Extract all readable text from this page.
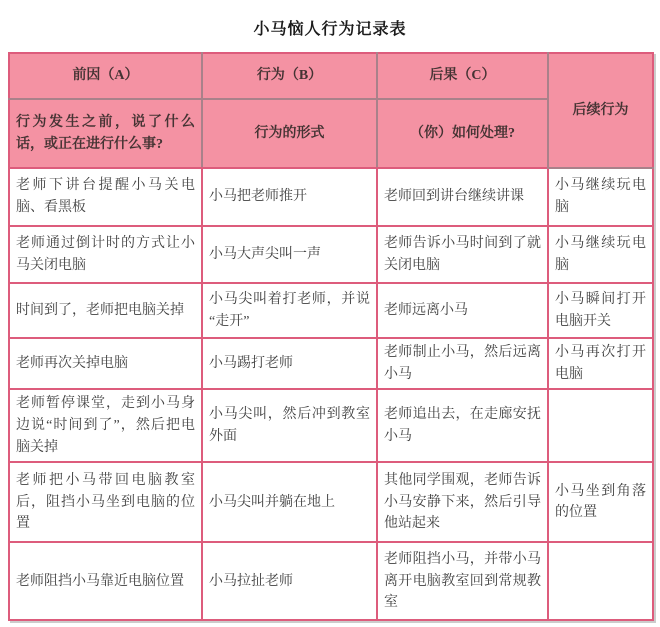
小马恼人行为记录表
前因（A）	行为（B）	后果（C）	后续行为
行为发生之前，说了什么话，或正在进行什么事?	行为的形式	（你）如何处理?	
老师下讲台提醒小马关电脑、看黑板	小马把老师推开	老师回到讲台继续讲课	小马继续玩电脑
老师通过倒计时的方式让小马关闭电脑	小马大声尖叫一声	老师告诉小马时间到了就关闭电脑	小马继续玩电脑
时间到了，老师把电脑关掉	小马尖叫着打老师，并说“走开”	老师远离小马	小马瞬间打开电脑开关
老师再次关掉电脑	小马踢打老师	老师制止小马，然后远离小马	小马再次打开电脑
老师暂停课堂，走到小马身边说“时间到了”，然后把电脑关掉	小马尖叫，然后冲到教室外面	老师追出去，在走廊安抚小马	
老师把小马带回电脑教室后，阻挡小马坐到电脑的位置	小马尖叫并躺在地上	其他同学围观，老师告诉小马安静下来，然后引导他站起来	小马坐到角落的位置
老师阻挡小马靠近电脑位置	小马拉扯老师	老师阻挡小马，并带小马离开电脑教室回到常规教室	
